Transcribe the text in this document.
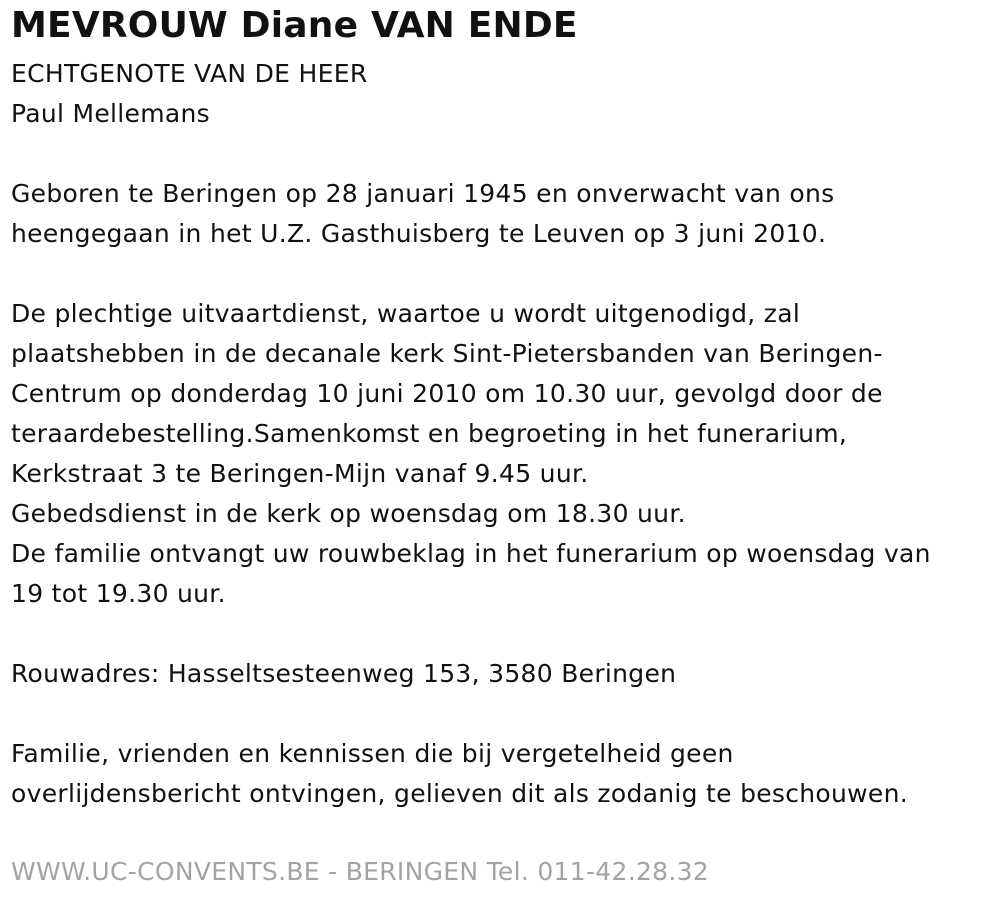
MEVROUW Diane VAN ENDE
ECHTGENOTE VAN DE HEER
Paul Mellemans
Geboren te Beringen op 28 januari 1945 en onverwacht van ons
heengegaan in het U.Z. Gasthuisberg te Leuven op 3 juni 2010.
De plechtige uitvaartdienst, waartoe u wordt uitgenodigd, zal
plaatshebben in de decanale kerk Sint-Pietersbanden van Beringen-
Centrum op donderdag 10 juni 2010 om 10.30 uur, gevolgd door de
teraardebestelling.Samenkomst en begroeting in het funerarium,
Kerkstraat 3 te Beringen-Mijn vanaf 9.45 uur.
Gebedsdienst in de kerk op woensdag om 18.30 uur.
De familie ontvangt uw rouwbeklag in het funerarium op woensdag van
19 tot 19.30 uur.
Rouwadres: Hasseltsesteenweg 153, 3580 Beringen
Familie, vrienden en kennissen die bij vergetelheid geen
overlijdensbericht ontvingen, gelieven dit als zodanig te beschouwen.
WWW.UC-CONVENTS.BE - BERINGEN Tel. 011-42.28.32
